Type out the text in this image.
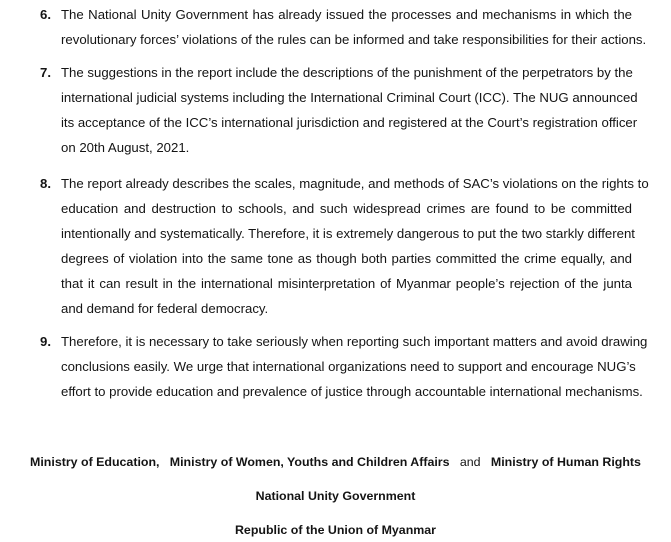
6. The National Unity Government has already issued the processes and mechanisms in which the
revolutionary forces’ violations of the rules can be informed and take responsibilities for their actions.
7. The suggestions in the report include the descriptions of the punishment of the perpetrators by the
international judicial systems including the International Criminal Court (ICC). The NUG announced
its acceptance of the ICC’s international jurisdiction and registered at the Court’s registration officer
on 20th August, 2021.
8. The report already describes the scales, magnitude, and methods of SAC’s violations on the rights to
education and destruction to schools, and such widespread crimes are found to be committed
intentionally and systematically. Therefore, it is extremely dangerous to put the two starkly different
degrees of violation into the same tone as though both parties committed the crime equally, and
that it can result in the international misinterpretation of Myanmar people’s rejection of the junta
and demand for federal democracy.
9. Therefore, it is necessary to take seriously when reporting such important matters and avoid drawing
conclusions easily. We urge that international organizations need to support and encourage NUG’s
effort to provide education and prevalence of justice through accountable international mechanisms.
Ministry of Education, Ministry of Women, Youths and Children Affairs and Ministry of Human Rights
National Unity Government
Republic of the Union of Myanmar
